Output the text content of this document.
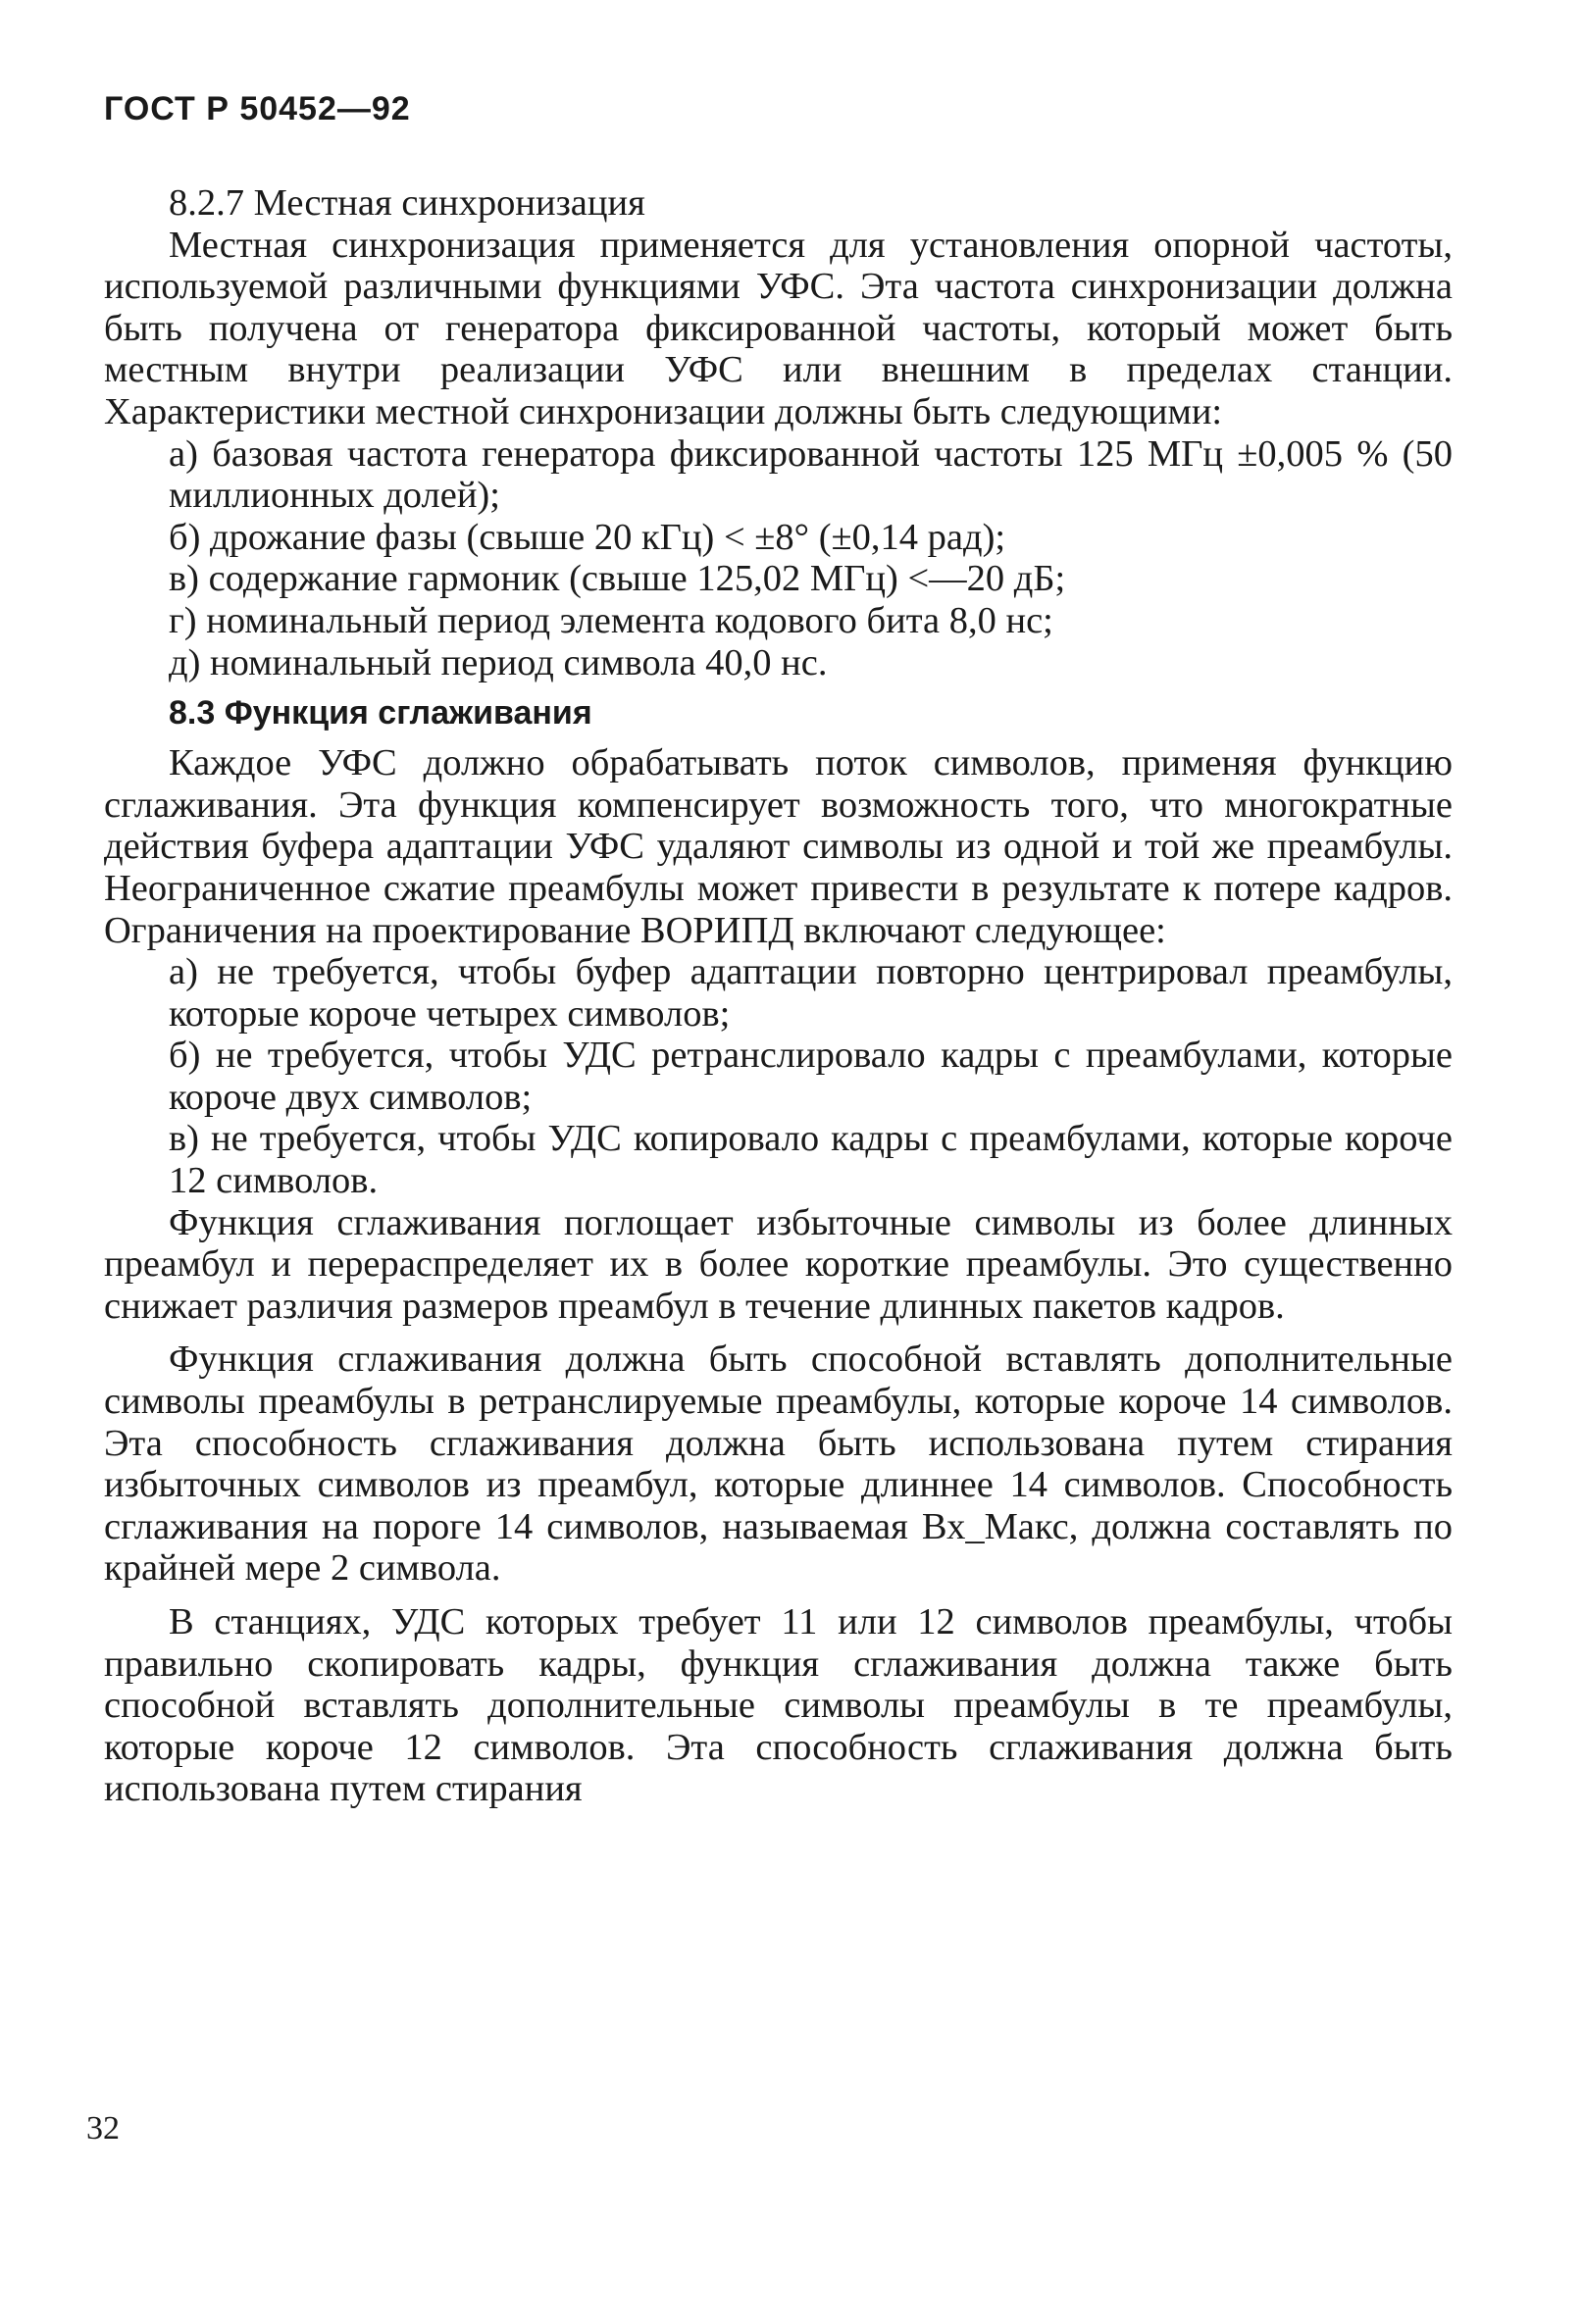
ГОСТ Р 50452—92

8.2.7 Местная синхронизация

Местная синхронизация применяется для установления опорной частоты, используемой различными функциями УФС. Эта частота синхронизации должна быть получена от генератора фиксированной частоты, который может быть местным внутри реализации УФС или внешним в пределах станции. Характеристики местной синхронизации должны быть следующими:

а) базовая частота генератора фиксированной частоты 125 МГц ±0,005 % (50 миллионных долей);

б) дрожание фазы (свыше 20 кГц) < ±8° (±0,14 рад);

в) содержание гармоник (свыше 125,02 МГц) <—20 дБ;

г) номинальный период элемента кодового бита 8,0 нс;

д) номинальный период символа 40,0 нс.

8.3 Функция сглаживания

Каждое УФС должно обрабатывать поток символов, применяя функцию сглаживания. Эта функция компенсирует возможность того, что многократные действия буфера адаптации УФС удаляют символы из одной и той же преамбулы. Неограниченное сжатие преамбулы может привести в результате к потере кадров. Ограничения на проектирование ВОРИПД включают следующее:

а) не требуется, чтобы буфер адаптации повторно центрировал преамбулы, которые короче четырех символов;

б) не требуется, чтобы УДС ретранслировало кадры с преамбулами, которые короче двух символов;

в) не требуется, чтобы УДС копировало кадры с преамбулами, которые короче 12 символов.

Функция сглаживания поглощает избыточные символы из более длинных преамбул и перераспределяет их в более короткие преамбулы. Это существенно снижает различия размеров преамбул в течение длинных пакетов кадров.

Функция сглаживания должна быть способной вставлять дополнительные символы преамбулы в ретранслируемые преамбулы, которые короче 14 символов. Эта способность сглаживания должна быть использована путем стирания избыточных символов из преамбул, которые длиннее 14 символов. Способность сглаживания на пороге 14 символов, называемая Вх_Макс, должна составлять по крайней мере 2 символа.

В станциях, УДС которых требует 11 или 12 символов преамбулы, чтобы правильно скопировать кадры, функция сглаживания должна также быть способной вставлять дополнительные символы преамбулы в те преамбулы, которые короче 12 символов. Эта способность сглаживания должна быть использована путем стирания

32
